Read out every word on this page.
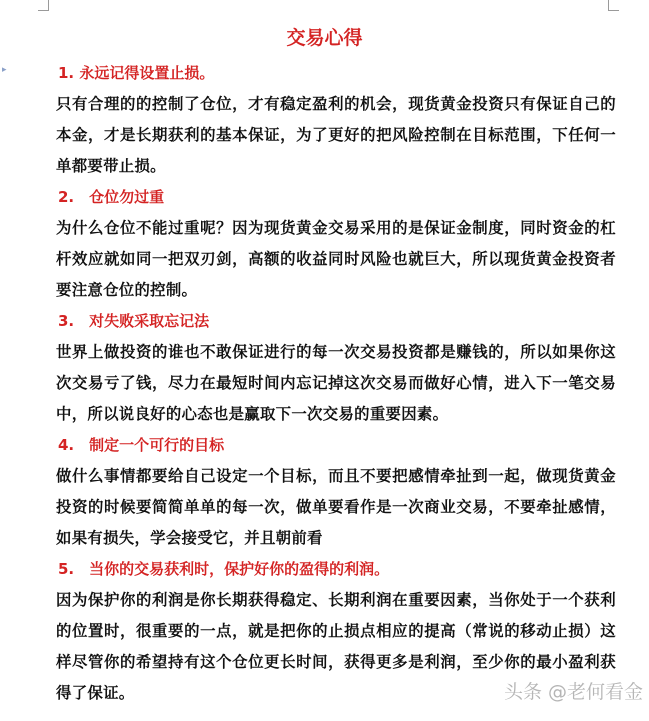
▸
交易心得
1. 永远记得设置止损。
只有合理的的控制了仓位，才有稳定盈利的机会，现货黄金投资只有保证自己的本金，才是长期获利的基本保证，为了更好的把风险控制在目标范围，下任何一单都要带止损。
2.　仓位勿过重
为什么仓位不能过重呢？因为现货黄金交易采用的是保证金制度，同时资金的杠杆效应就如同一把双刃剑，高额的收益同时风险也就巨大，所以现货黄金投资者要注意仓位的控制。
3.　对失败采取忘记法
世界上做投资的谁也不敢保证进行的每一次交易投资都是赚钱的，所以如果你这次交易亏了钱，尽力在最短时间内忘记掉这次交易而做好心情，进入下一笔交易中，所以说良好的心态也是赢取下一次交易的重要因素。
4.　制定一个可行的目标
做什么事情都要给自己设定一个目标，而且不要把感情牵扯到一起，做现货黄金投资的时候要简简单单的每一次，做单要看作是一次商业交易，不要牵扯感情，如果有损失，学会接受它，并且朝前看
5.　当你的交易获利时，保护好你的盈得的利润。
因为保护你的利润是你长期获得稳定、长期利润在重要因素，当你处于一个获利的位置时，很重要的一点，就是把你的止损点相应的提高（常说的移动止损）这样尽管你的希望持有这个仓位更长时间，获得更多是利润，至少你的最小盈利获得了保证。	头条 @老何看金
